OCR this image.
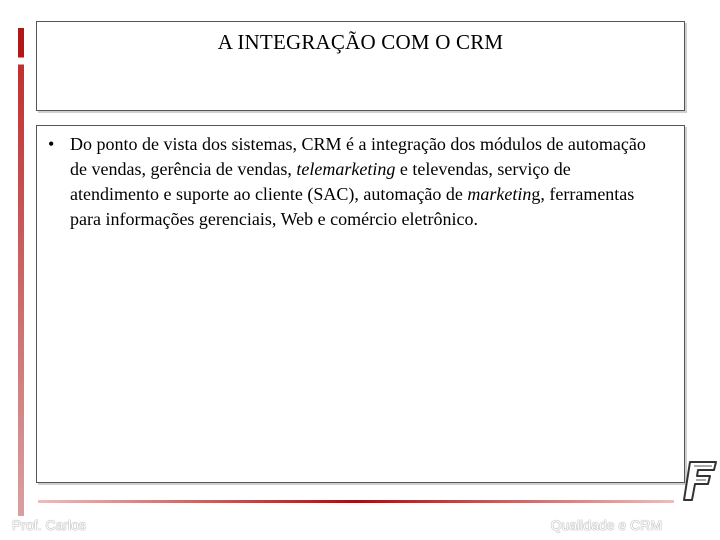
A INTEGRAÇÃO COM O CRM
• Do ponto de vista dos sistemas, CRM é a integração dos módulos de automação de vendas, gerência de vendas, telemarketing e televendas, serviço de atendimento e suporte ao cliente (SAC), automação de marketing, ferramentas para informações gerenciais, Web e comércio eletrônico.
Prof. Carlos	Qualidade e CRM
